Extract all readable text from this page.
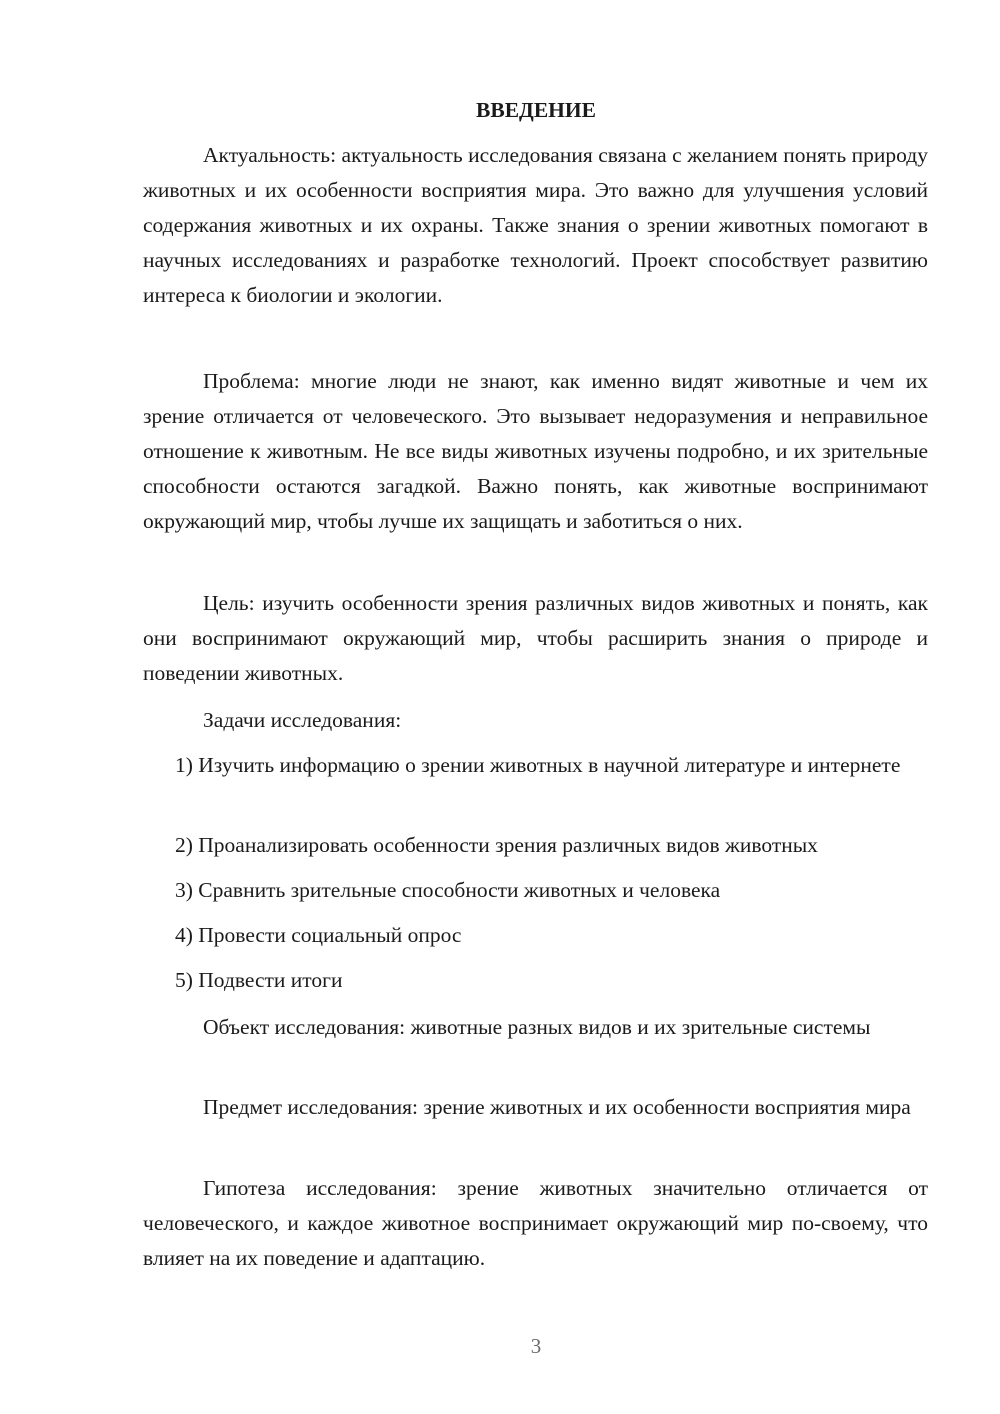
ВВЕДЕНИЕ

Актуальность: актуальность исследования связана с желанием понять природу животных и их особенности восприятия мира. Это важно для улучшения условий содержания животных и их охраны. Также знания о зрении животных помогают в научных исследованиях и разработке технологий. Проект способствует развитию интереса к биологии и экологии.

Проблема: многие люди не знают, как именно видят животные и чем их зрение отличается от человеческого. Это вызывает недоразумения и неправильное отношение к животным. Не все виды животных изучены подробно, и их зрительные способности остаются загадкой. Важно понять, как животные воспринимают окружающий мир, чтобы лучше их защищать и заботиться о них.

Цель: изучить особенности зрения различных видов животных и понять, как они воспринимают окружающий мир, чтобы расширить знания о природе и поведении животных.

Задачи исследования:

1) Изучить информацию о зрении животных в научной литературе и интернете

2) Проанализировать особенности зрения различных видов животных

3) Сравнить зрительные способности животных и человека

4) Провести социальный опрос

5) Подвести итоги

Объект исследования: животные разных видов и их зрительные системы

Предмет исследования: зрение животных и их особенности восприятия мира

Гипотеза исследования: зрение животных значительно отличается от человеческого, и каждое животное воспринимает окружающий мир по-своему, что влияет на их поведение и адаптацию.

3
